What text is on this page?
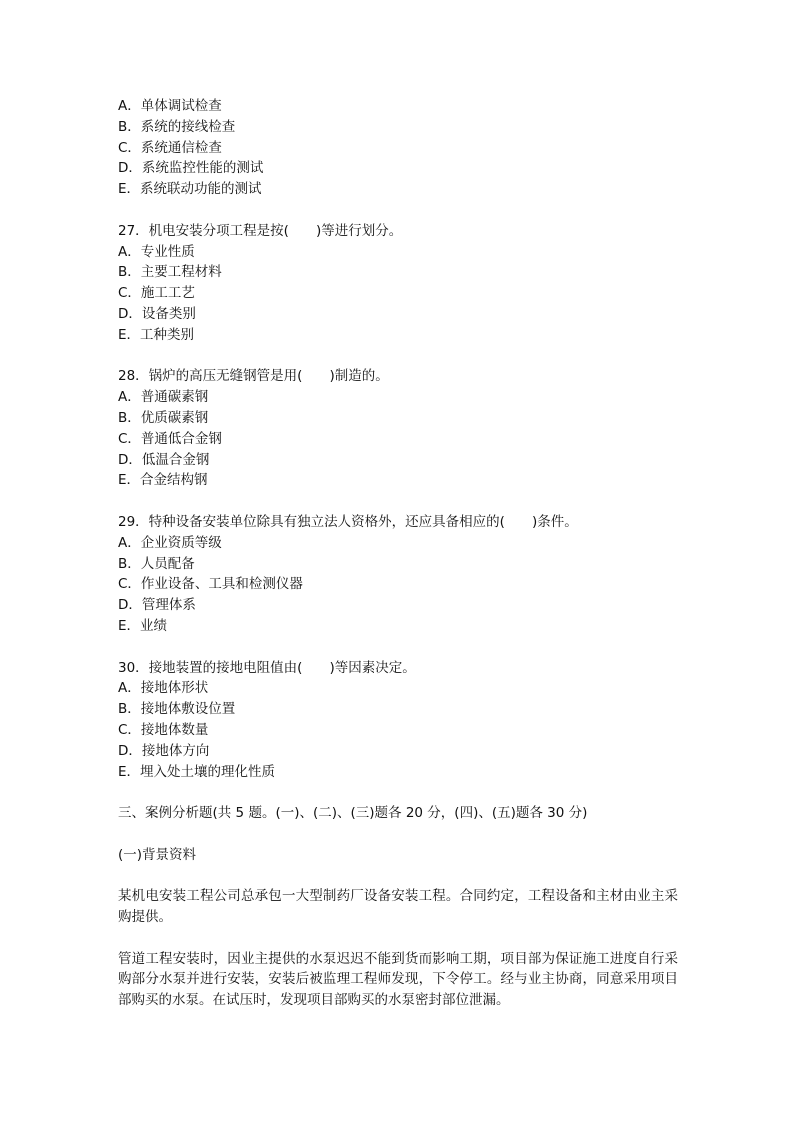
A．单体调试检查
B．系统的接线检查
C．系统通信检查
D．系统监控性能的测试
E．系统联动功能的测试
27．机电安装分项工程是按(　　)等进行划分。
A．专业性质
B．主要工程材料
C．施工工艺
D．设备类别
E．工种类别
28．锅炉的高压无缝钢管是用(　　)制造的。
A．普通碳素钢
B．优质碳素钢
C．普通低合金钢
D．低温合金钢
E．合金结构钢
29．特种设备安装单位除具有独立法人资格外，还应具备相应的(　　)条件。
A．企业资质等级
B．人员配备
C．作业设备、工具和检测仪器
D．管理体系
E．业绩
30．接地装置的接地电阻值由(　　)等因素决定。
A．接地体形状
B．接地体敷设位置
C．接地体数量
D．接地体方向
E．埋入处土壤的理化性质
三、案例分析题(共 5 题。(一)、(二)、(三)题各 20 分，(四)、(五)题各 30 分)
(一)背景资料
某机电安装工程公司总承包一大型制药厂设备安装工程。合同约定，工程设备和主材由业主采购提供。
管道工程安装时，因业主提供的水泵迟迟不能到货而影响工期，项目部为保证施工进度自行采购部分水泵并进行安装，安装后被监理工程师发现，下令停工。经与业主协商，同意采用项目部购买的水泵。在试压时，发现项目部购买的水泵密封部位泄漏。
